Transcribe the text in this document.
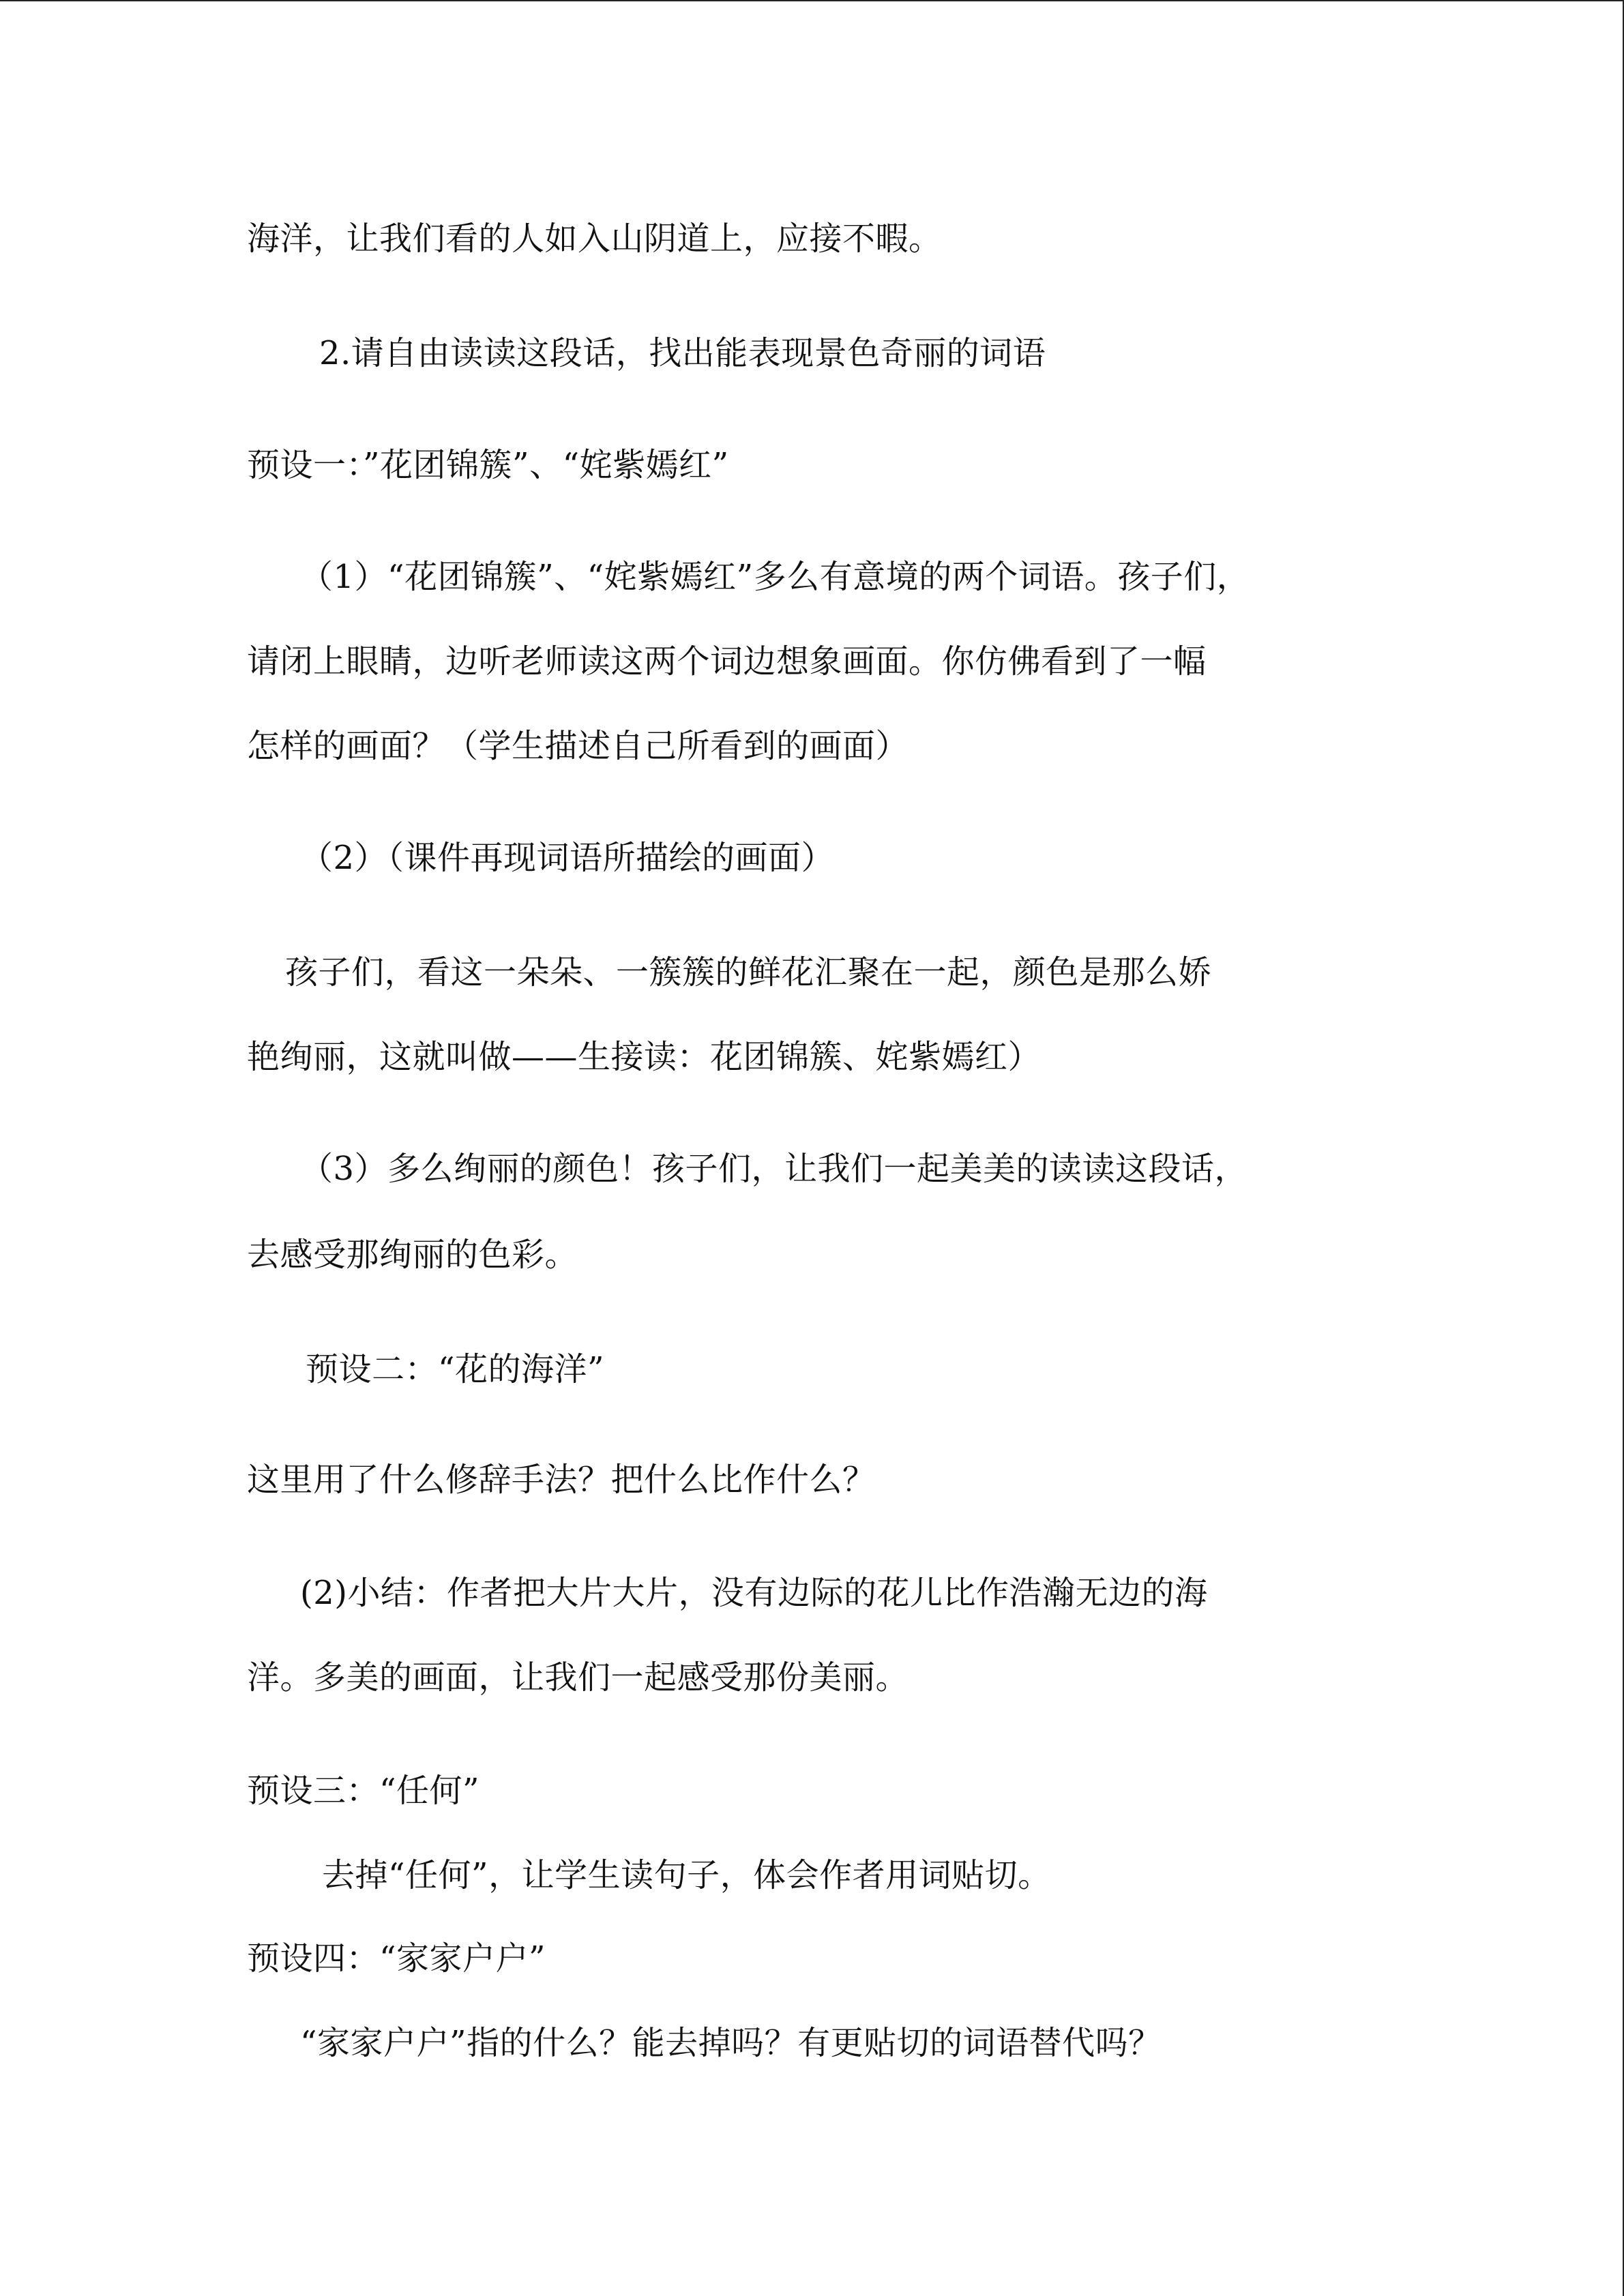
海洋，让我们看的人如入山阴道上，应接不暇。
2.请自由读读这段话，找出能表现景色奇丽的词语
预设一：”花团锦簇”、“姹紫嫣红”
（1）“花团锦簇”、“姹紫嫣红”多么有意境的两个词语。孩子们，
请闭上眼睛，边听老师读这两个词边想象画面。你仿佛看到了一幅
怎样的画面？（学生描述自己所看到的画面）
（2）（课件再现词语所描绘的画面）
孩子们，看这一朵朵、一簇簇的鲜花汇聚在一起，颜色是那么娇
艳绚丽，这就叫做——生接读：花团锦簇、姹紫嫣红）
（3）多么绚丽的颜色！孩子们，让我们一起美美的读读这段话，
去感受那绚丽的色彩。
预设二：“花的海洋”
这里用了什么修辞手法？把什么比作什么？
(2)小结：作者把大片大片，没有边际的花儿比作浩瀚无边的海
洋。多美的画面，让我们一起感受那份美丽。
预设三：“任何”
去掉“任何”，让学生读句子，体会作者用词贴切。
预设四：“家家户户”
“家家户户”指的什么？能去掉吗？有更贴切的词语替代吗？
